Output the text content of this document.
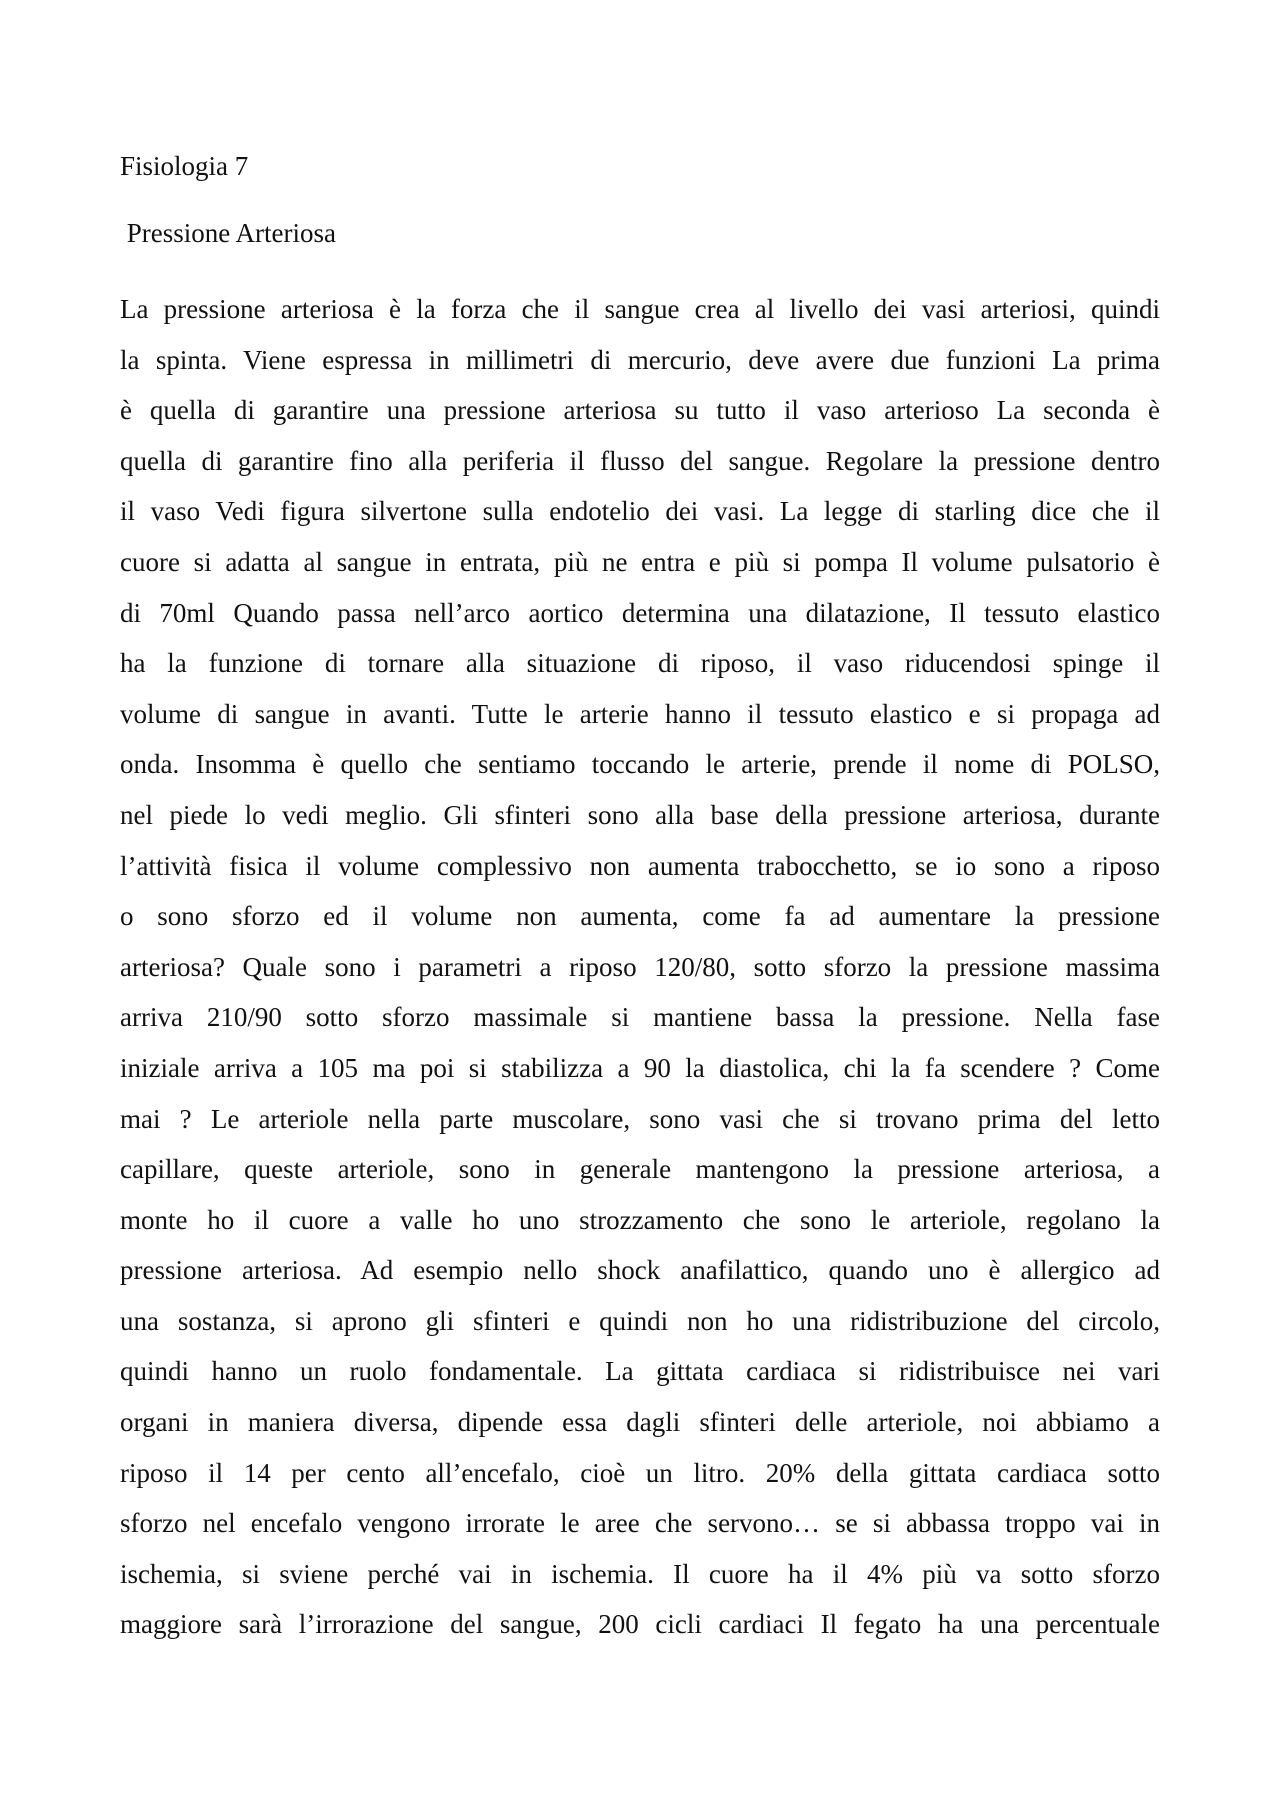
Fisiologia 7
Pressione Arteriosa
La pressione arteriosa è la forza che il sangue crea al livello dei vasi arteriosi, quindi
la spinta. Viene espressa in millimetri di mercurio, deve avere due funzioni La prima
è quella di garantire una pressione arteriosa su tutto il vaso arterioso La seconda è
quella di garantire fino alla periferia il flusso del sangue. Regolare la pressione dentro
il vaso Vedi figura silvertone sulla endotelio dei vasi. La legge di starling dice che il
cuore si adatta al sangue in entrata, più ne entra e più si pompa Il volume pulsatorio è
di 70ml Quando passa nell’arco aortico determina una dilatazione, Il tessuto elastico
ha la funzione di tornare alla situazione di riposo, il vaso riducendosi spinge il
volume di sangue in avanti. Tutte le arterie hanno il tessuto elastico e si propaga ad
onda. Insomma è quello che sentiamo toccando le arterie, prende il nome di POLSO,
nel piede lo vedi meglio. Gli sfinteri sono alla base della pressione arteriosa, durante
l’attività fisica il volume complessivo non aumenta trabocchetto, se io sono a riposo
o sono sforzo ed il volume non aumenta, come fa ad aumentare la pressione
arteriosa? Quale sono i parametri a riposo 120/80, sotto sforzo la pressione massima
arriva 210/90 sotto sforzo massimale si mantiene bassa la pressione. Nella fase
iniziale arriva a 105 ma poi si stabilizza a 90 la diastolica, chi la fa scendere ? Come
mai ? Le arteriole nella parte muscolare, sono vasi che si trovano prima del letto
capillare, queste arteriole, sono in generale mantengono la pressione arteriosa, a
monte ho il cuore a valle ho uno strozzamento che sono le arteriole, regolano la
pressione arteriosa. Ad esempio nello shock anafilattico, quando uno è allergico ad
una sostanza, si aprono gli sfinteri e quindi non ho una ridistribuzione del circolo,
quindi hanno un ruolo fondamentale. La gittata cardiaca si ridistribuisce nei vari
organi in maniera diversa, dipende essa dagli sfinteri delle arteriole, noi abbiamo a
riposo il 14 per cento all’encefalo, cioè un litro. 20% della gittata cardiaca sotto
sforzo nel encefalo vengono irrorate le aree che servono… se si abbassa troppo vai in
ischemia, si sviene perché vai in ischemia. Il cuore ha il 4% più va sotto sforzo
maggiore sarà l’irrorazione del sangue, 200 cicli cardiaci Il fegato ha una percentuale
